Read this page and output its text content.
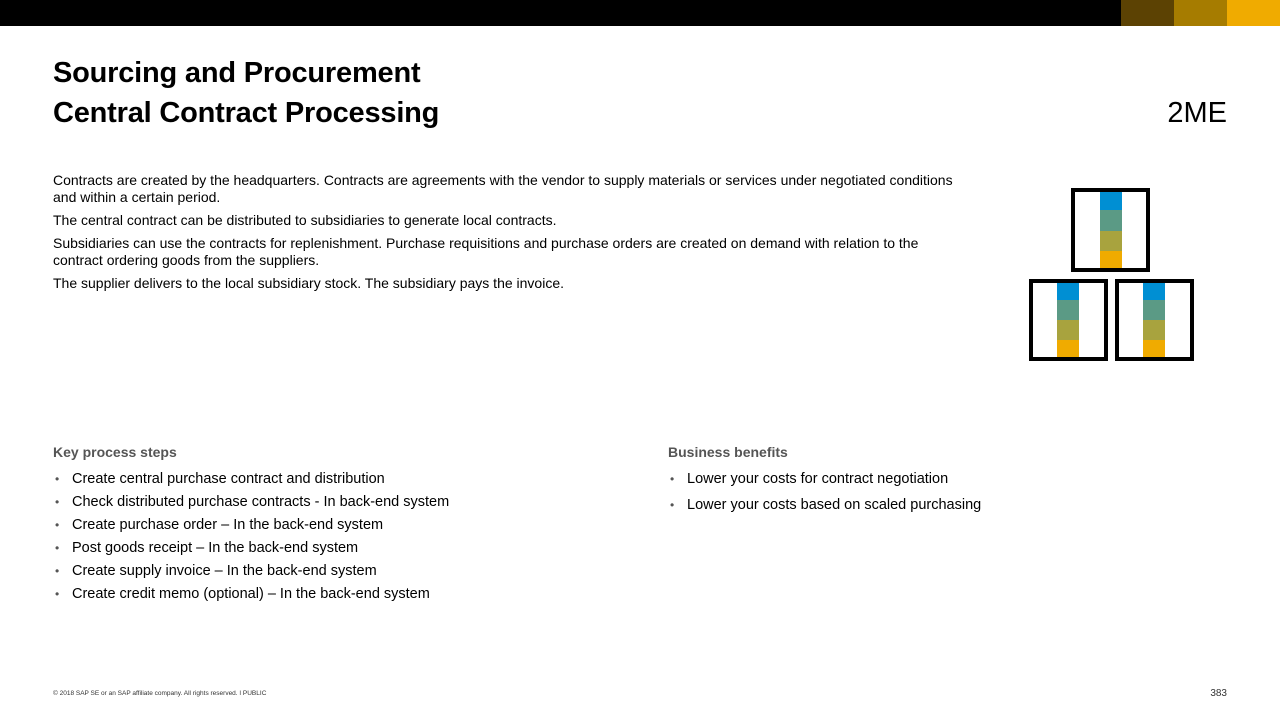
Sourcing and Procurement
Central Contract Processing	2ME

Contracts are created by the headquarters. Contracts are agreements with the vendor to supply materials or services under negotiated conditions and within a certain period.

The central contract can be distributed to subsidiaries to generate local contracts.

Subsidiaries can use the contracts for replenishment. Purchase requisitions and purchase orders are created on demand with relation to the contract ordering goods from the suppliers.

The supplier delivers to the local subsidiary stock. The subsidiary pays the invoice.

Key process steps
• Create central purchase contract and distribution
• Check distributed purchase contracts - In back-end system
• Create purchase order – In the back-end system
• Post goods receipt – In the back-end system
• Create supply invoice – In the back-end system
• Create credit memo (optional) – In the back-end system
Business benefits
• Lower your costs for contract negotiation
• Lower your costs based on scaled purchasing
© 2018 SAP SE or an SAP affiliate company. All rights reserved. ǀ PUBLIC	383
